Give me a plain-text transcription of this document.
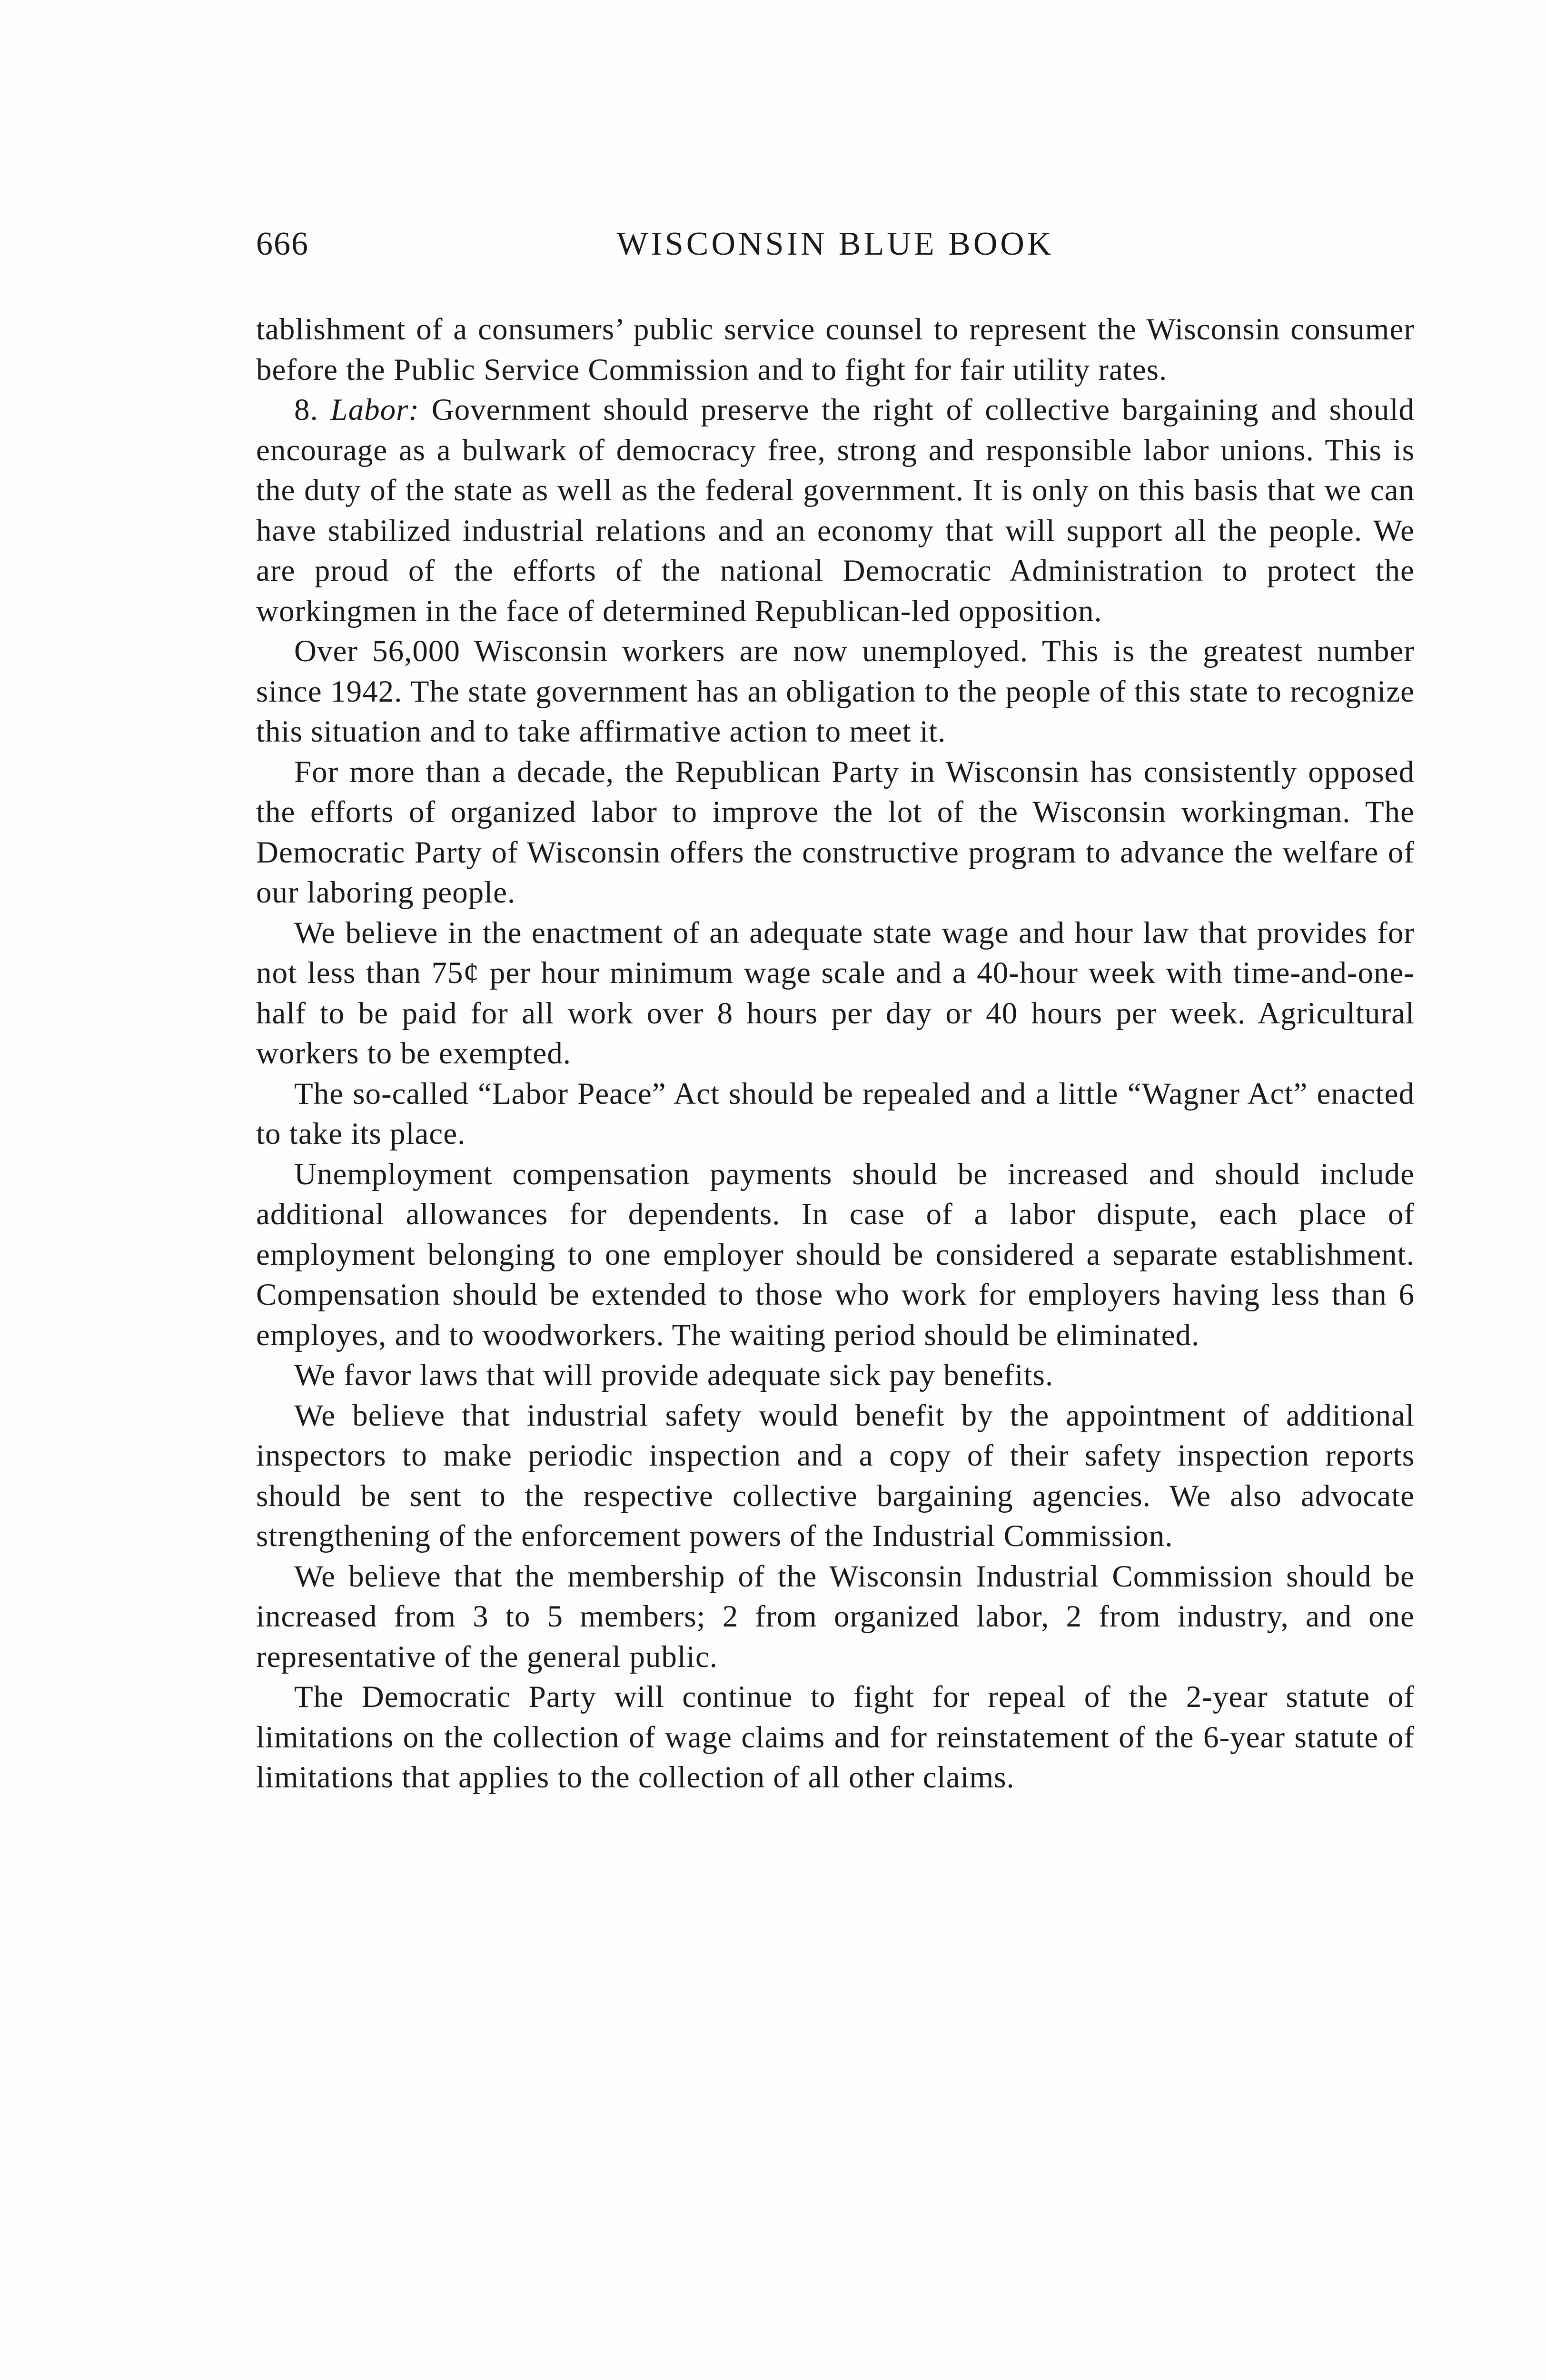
666	WISCONSIN BLUE BOOK

tablishment of a consumers’ public service counsel to represent the Wisconsin consumer before the Public Service Commission and to fight for fair utility rates.

8. Labor: Government should preserve the right of collective bargaining and should encourage as a bulwark of democracy free, strong and responsible labor unions. This is the duty of the state as well as the federal government. It is only on this basis that we can have stabilized industrial relations and an economy that will support all the people. We are proud of the efforts of the national Democratic Administration to protect the workingmen in the face of determined Republican-led opposition.

Over 56,000 Wisconsin workers are now unemployed. This is the greatest number since 1942. The state government has an obligation to the people of this state to recognize this situation and to take affirmative action to meet it.

For more than a decade, the Republican Party in Wisconsin has consistently opposed the efforts of organized labor to improve the lot of the Wisconsin workingman. The Democratic Party of Wisconsin offers the constructive program to advance the welfare of our laboring people.

We believe in the enactment of an adequate state wage and hour law that provides for not less than 75¢ per hour minimum wage scale and a 40-hour week with time-and-one-half to be paid for all work over 8 hours per day or 40 hours per week. Agricultural workers to be exempted.

The so-called “Labor Peace” Act should be repealed and a little “Wagner Act” enacted to take its place.

Unemployment compensation payments should be increased and should include additional allowances for dependents. In case of a labor dispute, each place of employment belonging to one employer should be considered a separate establishment. Compensation should be extended to those who work for employers having less than 6 employes, and to woodworkers. The waiting period should be eliminated.

We favor laws that will provide adequate sick pay benefits.

We believe that industrial safety would benefit by the appointment of additional inspectors to make periodic inspection and a copy of their safety inspection reports should be sent to the respective collective bargaining agencies. We also advocate strengthening of the enforcement powers of the Industrial Commission.

We believe that the membership of the Wisconsin Industrial Commission should be increased from 3 to 5 members; 2 from organized labor, 2 from industry, and one representative of the general public.

The Democratic Party will continue to fight for repeal of the 2-year statute of limitations on the collection of wage claims and for reinstatement of the 6-year statute of limitations that applies to the collection of all other claims.
